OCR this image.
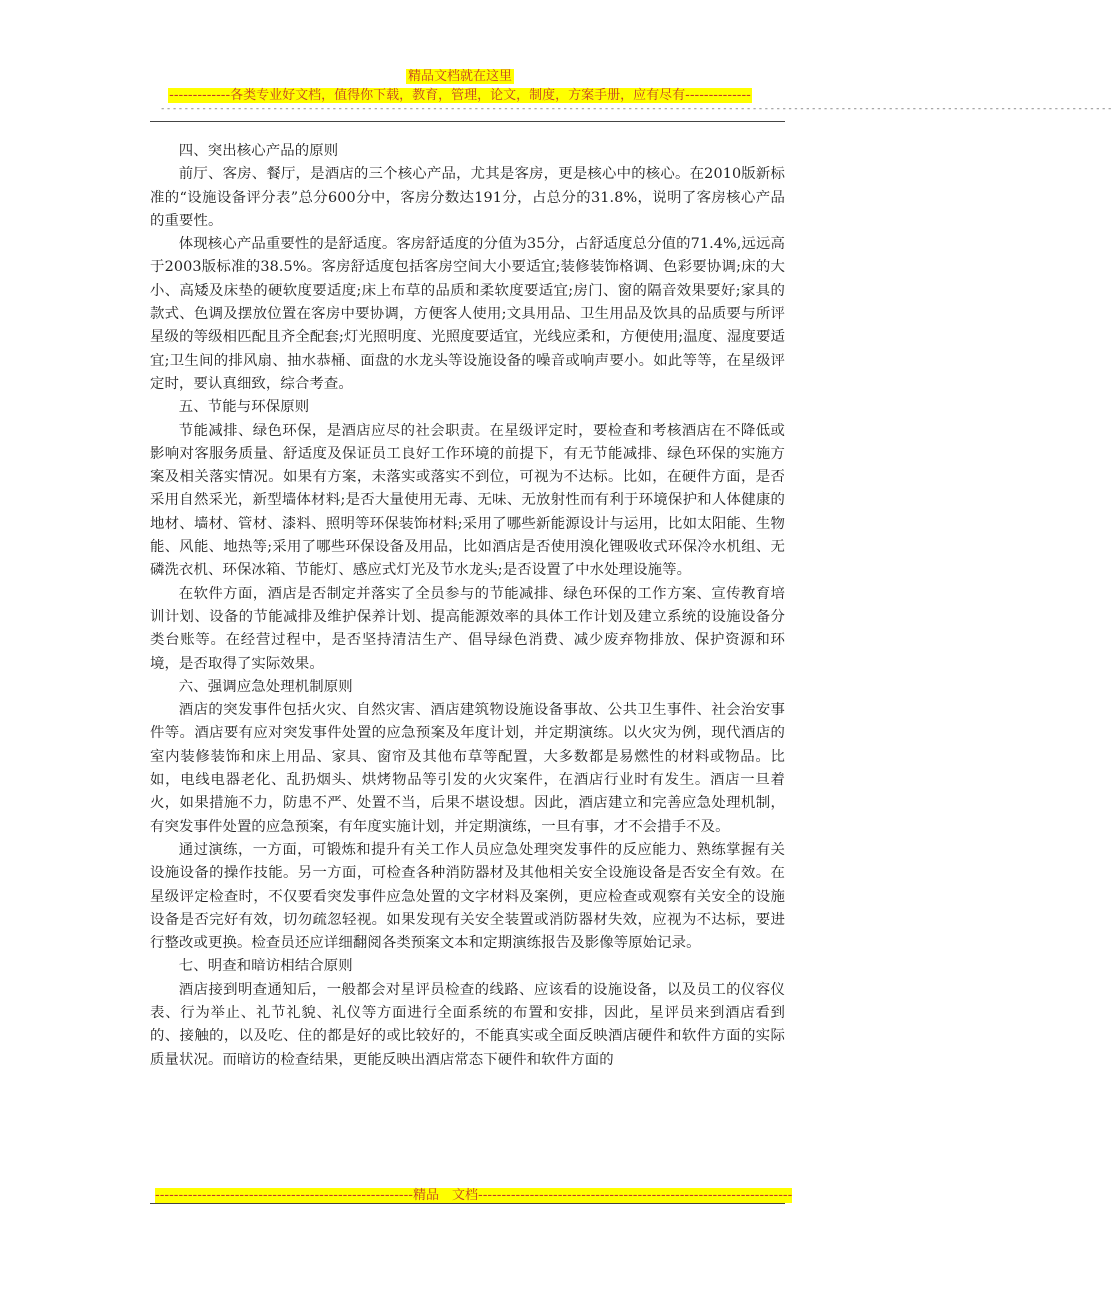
精品文档就在这里
-------------各类专业好文档，值得你下载，教育，管理，论文，制度，方案手册，应有尽有--------------
-----------------------------------------------------------------------------------------------------------------------------------------------------------------

四、突出核心产品的原则

前厅、客房、餐厅，是酒店的三个核心产品，尤其是客房，更是核心中的核心。在2010版新标准的“设施设备评分表”总分600分中，客房分数达191分，占总分的31.8%，说明了客房核心产品的重要性。

体现核心产品重要性的是舒适度。客房舒适度的分值为35分，占舒适度总分值的71.4%,远远高于2003版标准的38.5%。客房舒适度包括客房空间大小要适宜;装修装饰格调、色彩要协调;床的大小、高矮及床垫的硬软度要适度;床上布草的品质和柔软度要适宜;房门、窗的隔音效果要好;家具的款式、色调及摆放位置在客房中要协调，方便客人使用;文具用品、卫生用品及饮具的品质要与所评星级的等级相匹配且齐全配套;灯光照明度、光照度要适宜，光线应柔和，方便使用;温度、湿度要适宜;卫生间的排风扇、抽水恭桶、面盘的水龙头等设施设备的噪音或响声要小。如此等等，在星级评定时，要认真细致，综合考查。

五、节能与环保原则

节能减排、绿色环保，是酒店应尽的社会职责。在星级评定时，要检查和考核酒店在不降低或影响对客服务质量、舒适度及保证员工良好工作环境的前提下，有无节能减排、绿色环保的实施方案及相关落实情况。如果有方案，未落实或落实不到位，可视为不达标。比如，在硬件方面，是否采用自然采光，新型墙体材料;是否大量使用无毒、无味、无放射性而有利于环境保护和人体健康的地材、墙材、管材、漆料、照明等环保装饰材料;采用了哪些新能源设计与运用，比如太阳能、生物能、风能、地热等;采用了哪些环保设备及用品，比如酒店是否使用溴化锂吸收式环保冷水机组、无磷洗衣机、环保冰箱、节能灯、感应式灯光及节水龙头;是否设置了中水处理设施等。

在软件方面，酒店是否制定并落实了全员参与的节能减排、绿色环保的工作方案、宣传教育培训计划、设备的节能减排及维护保养计划、提高能源效率的具体工作计划及建立系统的设施设备分类台账等。在经营过程中，是否坚持清洁生产、倡导绿色消费、减少废弃物排放、保护资源和环境，是否取得了实际效果。

六、强调应急处理机制原则

酒店的突发事件包括火灾、自然灾害、酒店建筑物设施设备事故、公共卫生事件、社会治安事件等。酒店要有应对突发事件处置的应急预案及年度计划，并定期演练。以火灾为例，现代酒店的室内装修装饰和床上用品、家具、窗帘及其他布草等配置，大多数都是易燃性的材料或物品。比如，电线电器老化、乱扔烟头、烘烤物品等引发的火灾案件，在酒店行业时有发生。酒店一旦着火，如果措施不力，防患不严、处置不当，后果不堪设想。因此，酒店建立和完善应急处理机制，有突发事件处置的应急预案，有年度实施计划，并定期演练，一旦有事，才不会措手不及。

通过演练，一方面，可锻炼和提升有关工作人员应急处理突发事件的反应能力、熟练掌握有关设施设备的操作技能。另一方面，可检查各种消防器材及其他相关安全设施设备是否安全有效。在星级评定检查时，不仅要看突发事件应急处置的文字材料及案例，更应检查或观察有关安全的设施设备是否完好有效，切勿疏忽轻视。如果发现有关安全装置或消防器材失效，应视为不达标，要进行整改或更换。检查员还应详细翻阅各类预案文本和定期演练报告及影像等原始记录。

七、明查和暗访相结合原则

酒店接到明查通知后，一般都会对星评员检查的线路、应该看的设施设备，以及员工的仪容仪表、行为举止、礼节礼貌、礼仪等方面进行全面系统的布置和安排，因此，星评员来到酒店看到的、接触的，以及吃、住的都是好的或比较好的，不能真实或全面反映酒店硬件和软件方面的实际质量状况。而暗访的检查结果，更能反映出酒店常态下硬件和软件方面的

-------------------------------------------------------精品　文档-------------------------------------------------------------------
